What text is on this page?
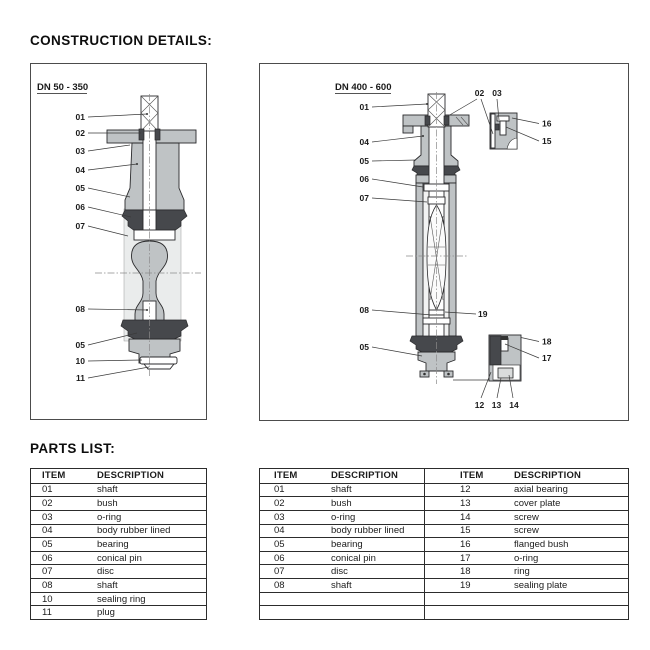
CONSTRUCTION DETAILS:
DN 50 - 350
01
02
03
04
05
06
07
08
05
10
11
DN 400 - 600	02 03
16
15
18
17
12 13 14
01
04
05
06
07
08	19
05
PARTS LIST:
ITEM	DESCRIPTION
01	shaft
02	bush
03	o-ring
04	body rubber lined
05	bearing
06	conical pin
07	disc
08	shaft
10	sealing ring
11	plug
ITEM	DESCRIPTION	ITEM	DESCRIPTION
01	shaft	12	axial bearing
02	bush	13	cover plate
03	o-ring	14	screw
04	body rubber lined	15	screw
05	bearing	16	flanged bush
06	conical pin	17	o-ring
07	disc	18	ring
08	shaft	19	sealing plate
